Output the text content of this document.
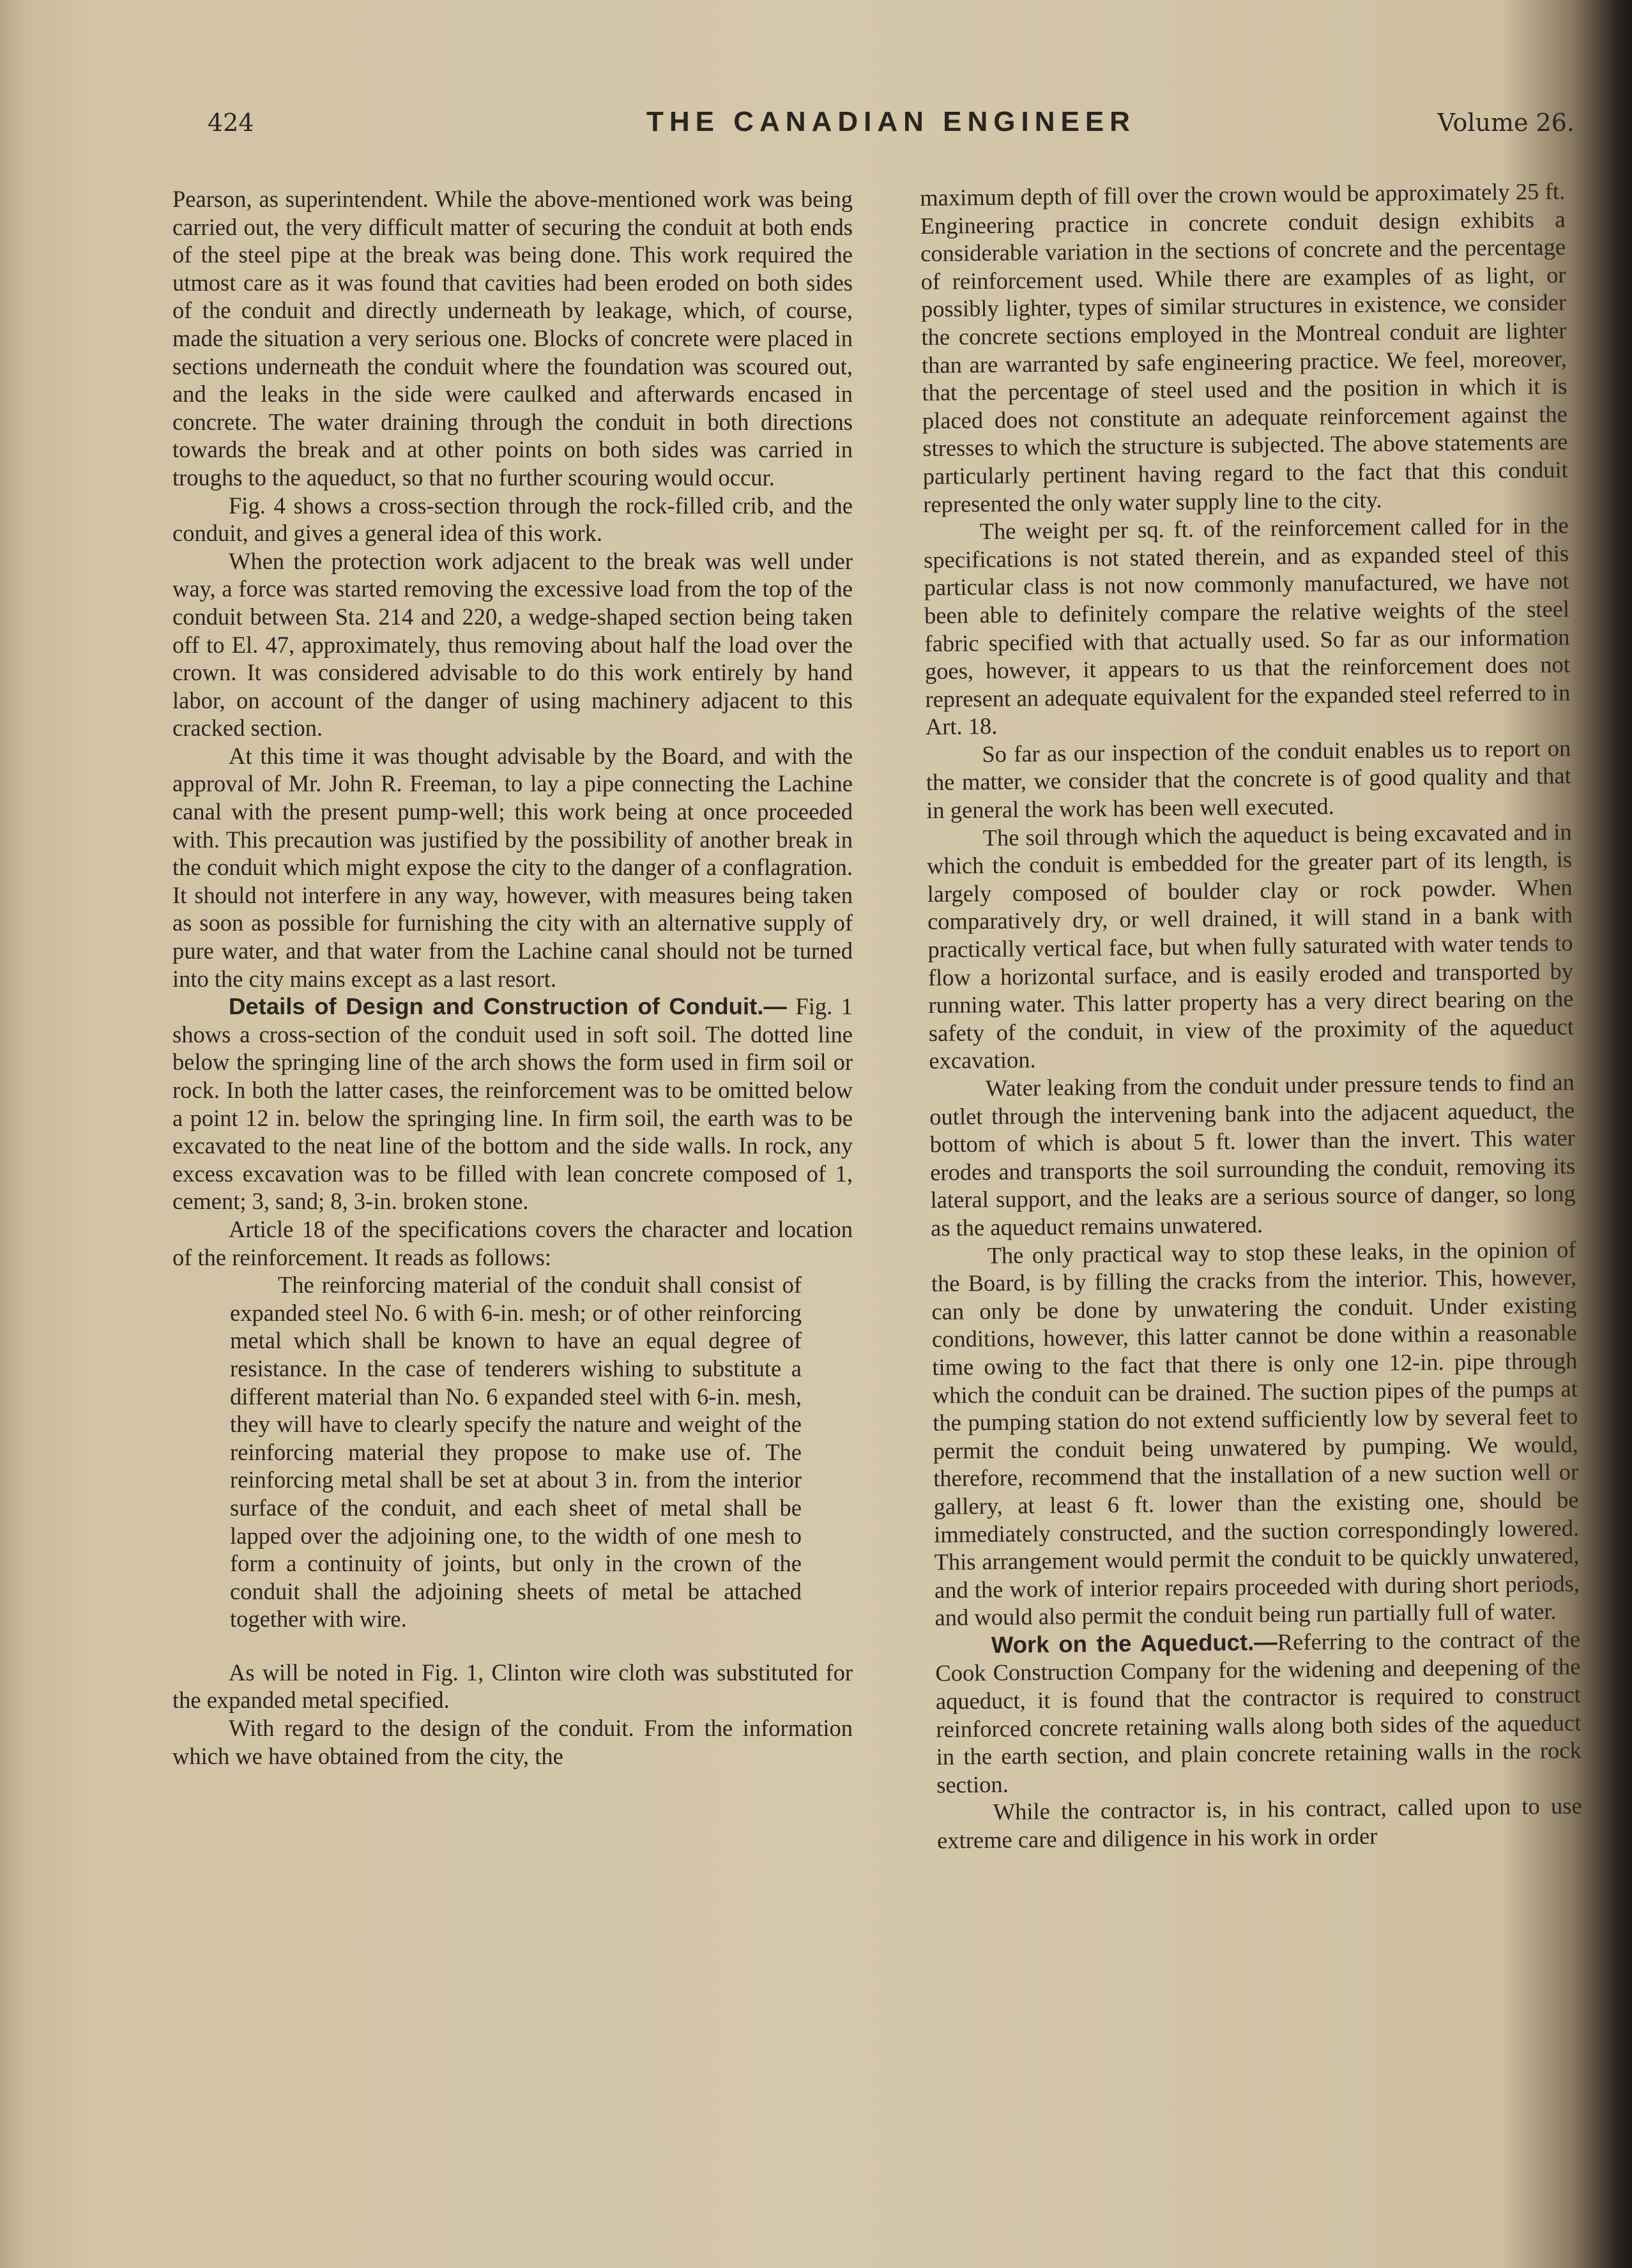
424	THE CANADIAN ENGINEER	Volume 26.

Pearson, as superintendent. While the above-mentioned work was being carried out, the very difficult matter of securing the conduit at both ends of the steel pipe at the break was being done. This work required the utmost care as it was found that cavities had been eroded on both sides of the conduit and directly underneath by leakage, which, of course, made the situation a very serious one. Blocks of concrete were placed in sections underneath the conduit where the foundation was scoured out, and the leaks in the side were caulked and afterwards encased in concrete. The water draining through the conduit in both directions towards the break and at other points on both sides was carried in troughs to the aqueduct, so that no further scouring would occur.

Fig. 4 shows a cross-section through the rock-filled crib, and the conduit, and gives a general idea of this work.

When the protection work adjacent to the break was well under way, a force was started removing the excessive load from the top of the conduit between Sta. 214 and 220, a wedge-shaped section being taken off to El. 47, approximately, thus removing about half the load over the crown. It was considered advisable to do this work entirely by hand labor, on account of the danger of using machinery adjacent to this cracked section.

At this time it was thought advisable by the Board, and with the approval of Mr. John R. Freeman, to lay a pipe connecting the Lachine canal with the present pump-well; this work being at once proceeded with. This precaution was justified by the possibility of another break in the conduit which might expose the city to the danger of a conflagration. It should not interfere in any way, however, with measures being taken as soon as possible for furnishing the city with an alternative supply of pure water, and that water from the Lachine canal should not be turned into the city mains except as a last resort.

Details of Design and Construction of Conduit.— Fig. 1 shows a cross-section of the conduit used in soft soil. The dotted line below the springing line of the arch shows the form used in firm soil or rock. In both the latter cases, the reinforcement was to be omitted below a point 12 in. below the springing line. In firm soil, the earth was to be excavated to the neat line of the bottom and the side walls. In rock, any excess excavation was to be filled with lean concrete composed of 1, cement; 3, sand; 8, 3-in. broken stone.

Article 18 of the specifications covers the character and location of the reinforcement. It reads as follows:

The reinforcing material of the conduit shall consist of expanded steel No. 6 with 6-in. mesh; or of other reinforcing metal which shall be known to have an equal degree of resistance. In the case of tenderers wishing to substitute a different material than No. 6 expanded steel with 6-in. mesh, they will have to clearly specify the nature and weight of the reinforcing material they propose to make use of. The reinforcing metal shall be set at about 3 in. from the interior surface of the conduit, and each sheet of metal shall be lapped over the adjoining one, to the width of one mesh to form a continuity of joints, but only in the crown of the conduit shall the adjoining sheets of metal be attached together with wire.

As will be noted in Fig. 1, Clinton wire cloth was substituted for the expanded metal specified.

With regard to the design of the conduit. From the information which we have obtained from the city, the

maximum depth of fill over the crown would be approximately 25 ft. Engineering practice in concrete conduit design exhibits a considerable variation in the sections of concrete and the percentage of reinforcement used. While there are examples of as light, or possibly lighter, types of similar structures in existence, we consider the concrete sections employed in the Montreal conduit are lighter than are warranted by safe engineering practice. We feel, moreover, that the percentage of steel used and the position in which it is placed does not constitute an adequate reinforcement against the stresses to which the structure is subjected. The above statements are particularly pertinent having regard to the fact that this conduit represented the only water supply line to the city.

The weight per sq. ft. of the reinforcement called for in the specifications is not stated therein, and as expanded steel of this particular class is not now commonly manufactured, we have not been able to definitely compare the relative weights of the steel fabric specified with that actually used. So far as our information goes, however, it appears to us that the reinforcement does not represent an adequate equivalent for the expanded steel referred to in Art. 18.

So far as our inspection of the conduit enables us to report on the matter, we consider that the concrete is of good quality and that in general the work has been well executed.

The soil through which the aqueduct is being excavated and in which the conduit is embedded for the greater part of its length, is largely composed of boulder clay or rock powder. When comparatively dry, or well drained, it will stand in a bank with practically vertical face, but when fully saturated with water tends to flow a horizontal surface, and is easily eroded and transported by running water. This latter property has a very direct bearing on the safety of the conduit, in view of the proximity of the aqueduct excavation.

Water leaking from the conduit under pressure tends to find an outlet through the intervening bank into the adjacent aqueduct, the bottom of which is about 5 ft. lower than the invert. This water erodes and transports the soil surrounding the conduit, removing its lateral support, and the leaks are a serious source of danger, so long as the aqueduct remains unwatered.

The only practical way to stop these leaks, in the opinion of the Board, is by filling the cracks from the interior. This, however, can only be done by unwatering the conduit. Under existing conditions, however, this latter cannot be done within a reasonable time owing to the fact that there is only one 12-in. pipe through which the conduit can be drained. The suction pipes of the pumps at the pumping station do not extend sufficiently low by several feet to permit the conduit being unwatered by pumping. We would, therefore, recommend that the installation of a new suction well or gallery, at least 6 ft. lower than the existing one, should be immediately constructed, and the suction correspondingly lowered. This arrangement would permit the conduit to be quickly unwatered, and the work of interior repairs proceeded with during short periods, and would also permit the conduit being run partially full of water.

Work on the Aqueduct.—Referring to the contract of the Cook Construction Company for the widening and deepening of the aqueduct, it is found that the contractor is required to construct reinforced concrete retaining walls along both sides of the aqueduct in the earth section, and plain concrete retaining walls in the rock section.

While the contractor is, in his contract, called upon to use extreme care and diligence in his work in order
